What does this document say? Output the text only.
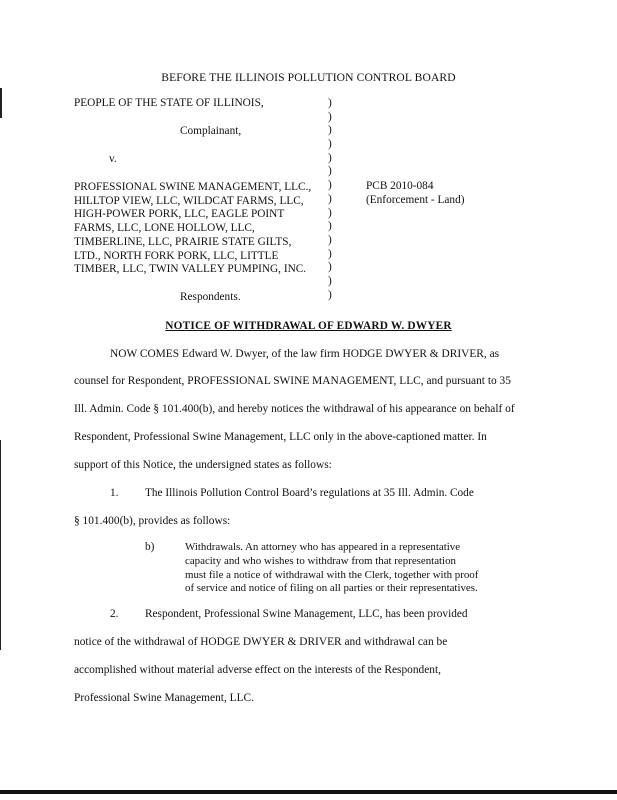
BEFORE THE ILLINOIS POLLUTION CONTROL BOARD
PEOPLE OF THE STATE OF ILLINOIS,
Complainant,
v.
PROFESSIONAL SWINE MANAGEMENT, LLC.,
HILLTOP VIEW, LLC, WILDCAT FARMS, LLC,
HIGH-POWER PORK, LLC, EAGLE POINT
FARMS, LLC, LONE HOLLOW, LLC,
TIMBERLINE, LLC, PRAIRIE STATE GILTS,
LTD., NORTH FORK PORK, LLC, LITTLE
TIMBER, LLC, TWIN VALLEY PUMPING, INC.
Respondents.
)
)
)
)
)
)
)
)
)
)
)
)
)
)
)
PCB 2010-084
(Enforcement - Land)
NOTICE OF WITHDRAWAL OF EDWARD W. DWYER
NOW COMES Edward W. Dwyer, of the law firm HODGE DWYER & DRIVER, as
counsel for Respondent, PROFESSIONAL SWINE MANAGEMENT, LLC, and pursuant to 35
Ill. Admin. Code § 101.400(b), and hereby notices the withdrawal of his appearance on behalf of
Respondent, Professional Swine Management, LLC only in the above-captioned matter. In
support of this Notice, the undersigned states as follows:
1. The Illinois Pollution Control Board’s regulations at 35 Ill. Admin. Code
§ 101.400(b), provides as follows:
b)	Withdrawals. An attorney who has appeared in a representative
capacity and who wishes to withdraw from that representation
must file a notice of withdrawal with the Clerk, together with proof
of service and notice of filing on all parties or their representatives.
2. Respondent, Professional Swine Management, LLC, has been provided
notice of the withdrawal of HODGE DWYER & DRIVER and withdrawal can be
accomplished without material adverse effect on the interests of the Respondent,
Professional Swine Management, LLC.
